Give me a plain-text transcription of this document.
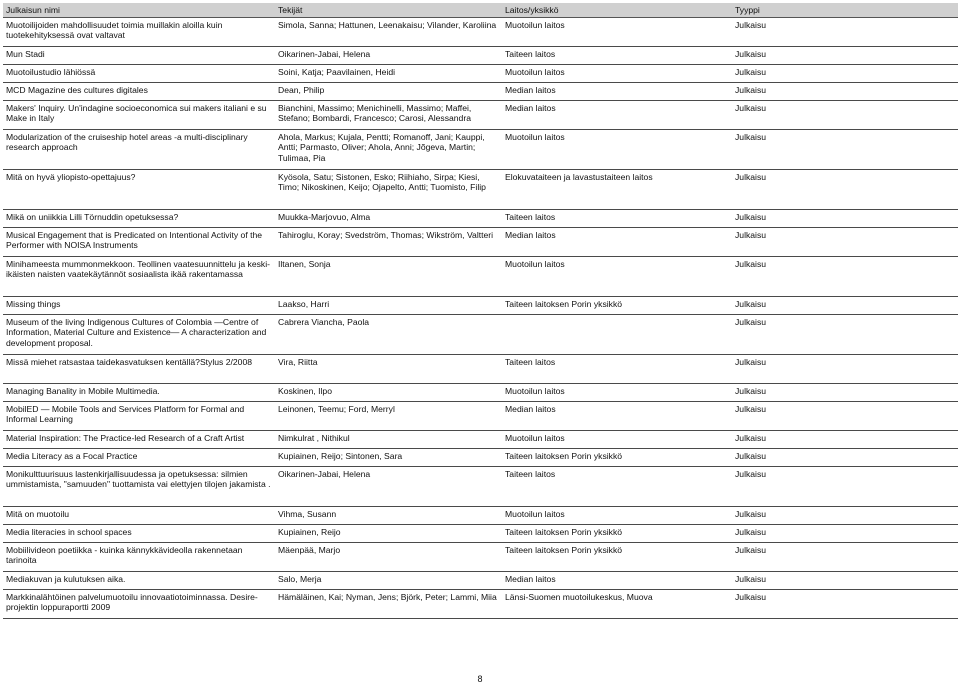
Julkaisun nimi	Tekijät	Laitos/yksikkö	Tyyppi
Muotoilijoiden mahdollisuudet toimia muillakin aloilla kuin tuotekehityksessä ovat valtavat	Simola, Sanna; Hattunen, Leenakaisu; Vilander, Karoliina	Muotoilun laitos	Julkaisu
Mun Stadi	Oikarinen-Jabai, Helena	Taiteen laitos	Julkaisu
Muotoilustudio lähiössä	Soini, Katja; Paavilainen, Heidi	Muotoilun laitos	Julkaisu
MCD Magazine des cultures digitales	Dean, Philip	Median laitos	Julkaisu
Makers' Inquiry. Un'indagine socioeconomica sui makers italiani e su Make in Italy	Bianchini, Massimo; Menichinelli, Massimo; Maffei, Stefano; Bombardi, Francesco; Carosi, Alessandra	Median laitos	Julkaisu
Modularization of the cruiseship hotel areas -a multi-disciplinary research approach	Ahola, Markus; Kujala, Pentti; Romanoff, Jani; Kauppi, Antti; Parmasto, Oliver; Ahola, Anni; Jõgeva, Martin; Tulimaa, Pia	Muotoilun laitos	Julkaisu
Mitä on hyvä yliopisto-opettajuus?	Kyösola, Satu; Sistonen, Esko; Riihiaho, Sirpa; Kiesi, Timo; Nikoskinen, Keijo; Ojapelto, Antti; Tuomisto, Filip	Elokuvataiteen ja lavastustaiteen laitos	Julkaisu
Mikä on uniikkia Lilli Törnuddin opetuksessa?	Muukka-Marjovuo, Alma	Taiteen laitos	Julkaisu
Musical Engagement that is Predicated on Intentional Activity of the Performer with NOISA Instruments	Tahiroglu, Koray; Svedström, Thomas; Wikström, Valtteri	Median laitos	Julkaisu
Minihameesta mummonmekkoon. Teollinen vaatesuunnittelu ja keski-ikäisten naisten vaatekäytännöt sosiaalista ikää rakentamassa	Iltanen, Sonja	Muotoilun laitos	Julkaisu
Missing things	Laakso, Harri	Taiteen laitoksen Porin yksikkö	Julkaisu
Museum of the living Indigenous Cultures of Colombia —Centre of Information, Material Culture and Existence— A characterization and development proposal.	Cabrera Viancha, Paola		Julkaisu
Missä miehet ratsastaa taidekasvatuksen kentällä?Stylus 2/2008	Vira, Riitta	Taiteen laitos	Julkaisu
Managing Banality in Mobile Multimedia.	Koskinen, Ilpo	Muotoilun laitos	Julkaisu
MobilED — Mobile Tools and Services Platform for Formal and Informal Learning	Leinonen, Teemu; Ford, Merryl	Median laitos	Julkaisu
Material Inspiration: The Practice-led Research of a Craft Artist	Nimkulrat , Nithikul	Muotoilun laitos	Julkaisu
Media Literacy as a Focal Practice	Kupiainen, Reijo; Sintonen, Sara	Taiteen laitoksen Porin yksikkö	Julkaisu
Monikulttuurisuus lastenkirjallisuudessa ja opetuksessa: silmien ummistamista, "samuuden" tuottamista vai elettyjen tilojen jakamista .	Oikarinen-Jabai, Helena	Taiteen laitos	Julkaisu
Mitä on muotoilu	Vihma, Susann	Muotoilun laitos	Julkaisu
Media literacies in school spaces	Kupiainen, Reijo	Taiteen laitoksen Porin yksikkö	Julkaisu
Mobiilivideon poetiikka - kuinka kännykkävideolla rakennetaan tarinoita	Mäenpää, Marjo	Taiteen laitoksen Porin yksikkö	Julkaisu
Mediakuvan ja kulutuksen aika.	Salo, Merja	Median laitos	Julkaisu
Markkinalähtöinen palvelumuotoilu innovaatiotoiminnassa. Desire-projektin loppuraportti 2009	Hämäläinen, Kai; Nyman, Jens; Björk, Peter; Lammi, Miia	Länsi-Suomen muotoilukeskus, Muova	Julkaisu
8
